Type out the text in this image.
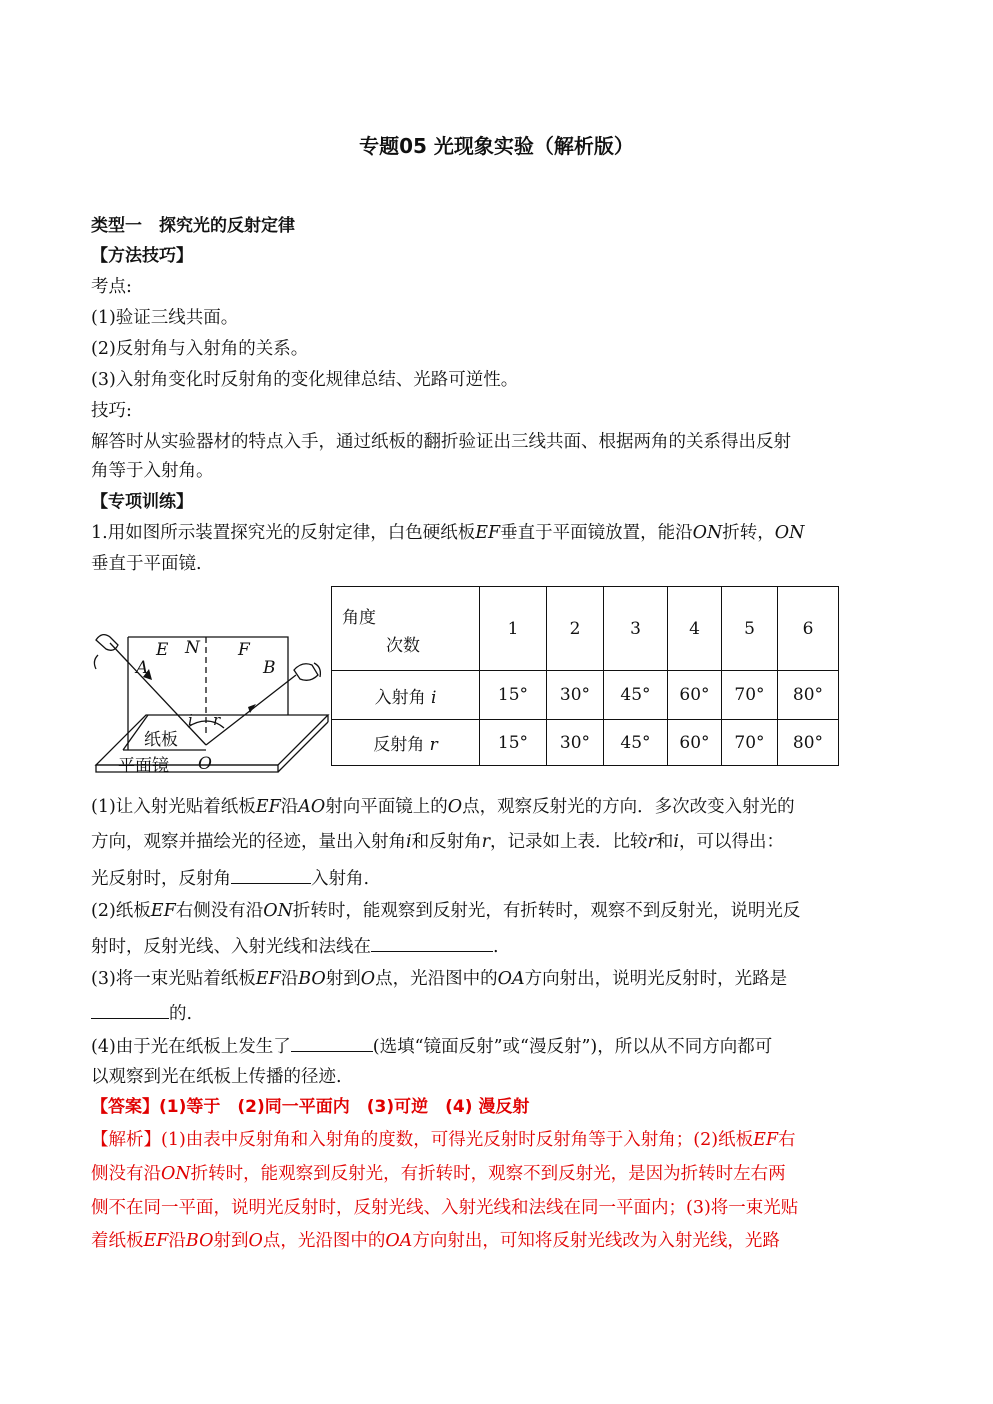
专题05 光现象实验（解析版）
类型一　探究光的反射定律
【方法技巧】
考点:
(1)验证三线共面。
(2)反射角与入射角的关系。
(3)入射角变化时反射角的变化规律总结、光路可逆性。
技巧:
解答时从实验器材的特点入手，通过纸板的翻折验证出三线共面、根据两角的关系得出反射
角等于入射角。
【专项训练】
1.用如图所示装置探究光的反射定律，白色硬纸板EF垂直于平面镜放置，能沿ON折转，ON
垂直于平面镜.
E N F
A	B
i r
O
纸板
平面镜
角度
次数	1	2	3	4	5	6
入射角 i	15°	30°	45°	60°	70°	80°
反射角 r	15°	30°	45°	60°	70°	80°
(1)让入射光贴着纸板EF沿AO射向平面镜上的O点，观察反射光的方向．多次改变入射光的
方向，观察并描绘光的径迹，量出入射角i和反射角r，记录如上表．比较r和i，可以得出：
光反射时，反射角	入射角.
(2)纸板EF右侧没有沿ON折转时，能观察到反射光，有折转时，观察不到反射光，说明光反
射时，反射光线、入射光线和法线在	.
(3)将一束光贴着纸板EF沿BO射到O点，光沿图中的OA方向射出，说明光反射时，光路是
的.
(4)由于光在纸板上发生了	(选填“镜面反射”或“漫反射”)，所以从不同方向都可
以观察到光在纸板上传播的径迹.
【答案】(1)等于　(2)同一平面内　(3)可逆　(4) 漫反射
【解析】(1)由表中反射角和入射角的度数，可得光反射时反射角等于入射角；(2)纸板EF右
侧没有沿ON折转时，能观察到反射光，有折转时，观察不到反射光，是因为折转时左右两
侧不在同一平面，说明光反射时，反射光线、入射光线和法线在同一平面内；(3)将一束光贴
着纸板EF沿BO射到O点，光沿图中的OA方向射出，可知将反射光线改为入射光线，光路
